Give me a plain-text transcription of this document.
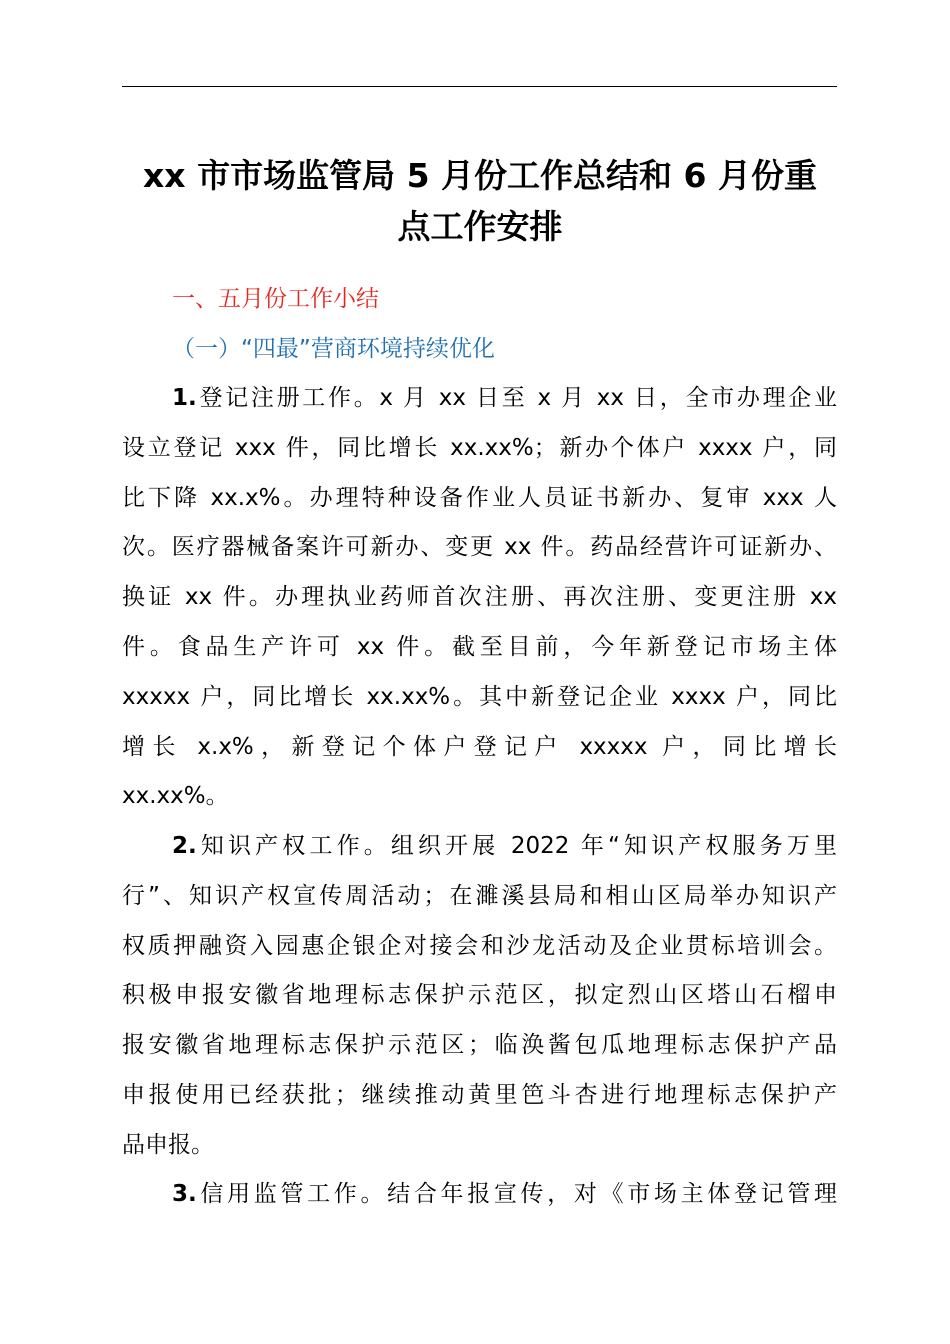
xx 市市场监管局 5 月份工作总结和 6 月份重
点工作安排
一、五月份工作小结
（一）“四最”营商环境持续优化
1.登记注册工作。x 月 xx 日至 x 月 xx 日，全市办理企业
设立登记 xxx 件，同比增长 xx.xx%；新办个体户 xxxx 户，同
比下降 xx.x%。办理特种设备作业人员证书新办、复审 xxx 人
次。医疗器械备案许可新办、变更 xx 件。药品经营许可证新办、
换证 xx 件。办理执业药师首次注册、再次注册、变更注册 xx
件。食品生产许可 xx 件。截至目前，今年新登记市场主体
xxxxx 户，同比增长 xx.xx%。其中新登记企业 xxxx 户，同比
增长 x.x%，新登记个体户登记户 xxxxx 户，同比增长
xx.xx%。
2.知识产权工作。组织开展 2022 年“知识产权服务万里
行”、知识产权宣传周活动；在濉溪县局和相山区局举办知识产
权质押融资入园惠企银企对接会和沙龙活动及企业贯标培训会。
积极申报安徽省地理标志保护示范区，拟定烈山区塔山石榴申
报安徽省地理标志保护示范区；临涣酱包瓜地理标志保护产品
申报使用已经获批；继续推动黄里笆斗杏进行地理标志保护产
品申报。
3.信用监管工作。结合年报宣传，对《市场主体登记管理
